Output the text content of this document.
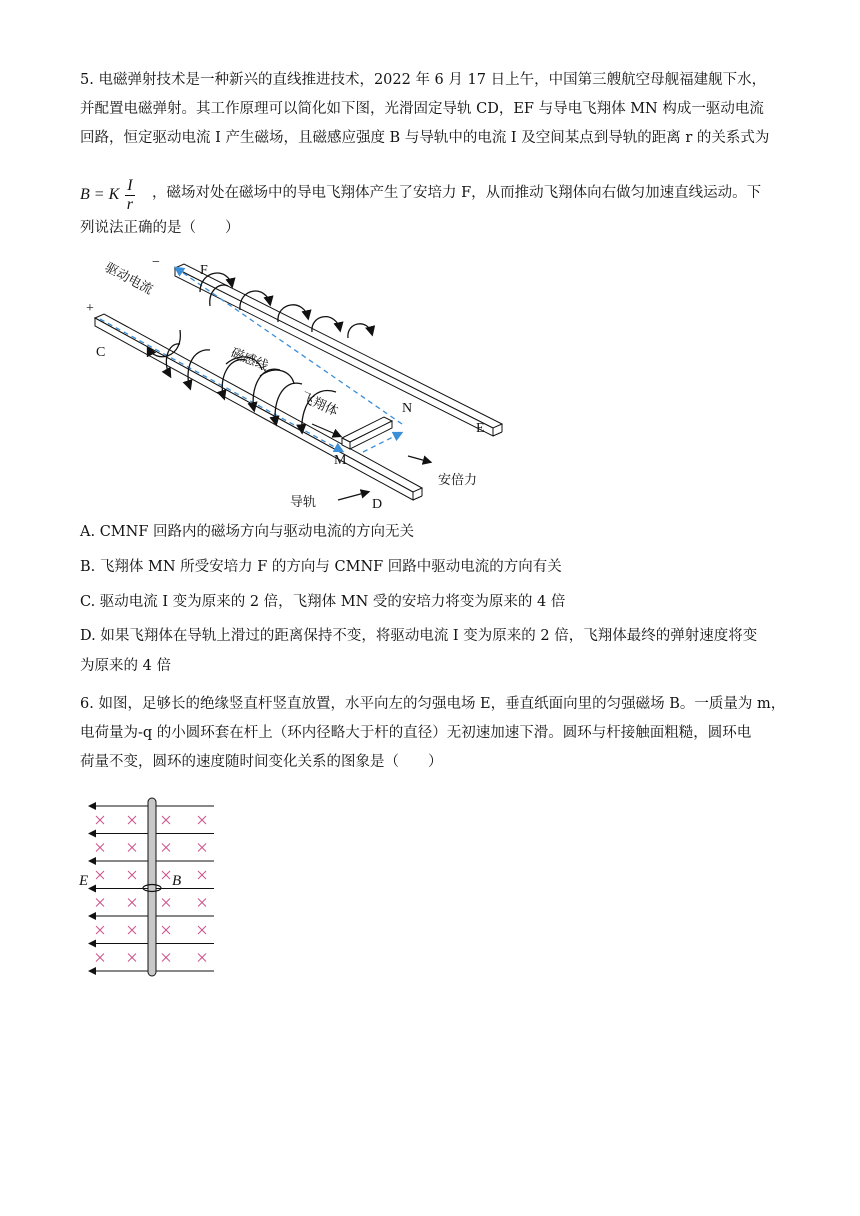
5. 电磁弹射技术是一种新兴的直线推进技术，2022 年 6 月 17 日上午，中国第三艘航空母舰福建舰下水，
并配置电磁弹射。其工作原理可以简化如下图，光滑固定导轨 CD，EF 与导电飞翔体 MN 构成一驱动电流
回路，恒定驱动电流 I 产生磁场，且磁感应强度 B 与导轨中的电流 I 及空间某点到导轨的距离 r 的关系式为
B = K $\frac{I}{r}$ ，磁场对处在磁场中的导电飞翔体产生了安培力 F，从而推动飞翔体向右做匀加速直线运动。下
列说法正确的是（　　）
−
+
F
C
N
E
M
D
驱动电流
磁感线
飞翔体
导轨
安倍力
A. CMNF 回路内的磁场方向与驱动电流的方向无关
B. 飞翔体 MN 所受安培力 F 的方向与 CMNF 回路中驱动电流的方向有关
C. 驱动电流 I 变为原来的 2 倍，飞翔体 MN 受的安培力将变为原来的 4 倍
D. 如果飞翔体在导轨上滑过的距离保持不变，将驱动电流 I 变为原来的 2 倍，飞翔体最终的弹射速度将变
为原来的 4 倍
6. 如图，足够长的绝缘竖直杆竖直放置，水平向左的匀强电场 E，垂直纸面向里的匀强磁场 B。一质量为 m，
电荷量为-q 的小圆环套在杆上（环内径略大于杆的直径）无初速加速下滑。圆环与杆接触面粗糙，圆环电
荷量不变，圆环的速度随时间变化关系的图象是（　　）
E	B
